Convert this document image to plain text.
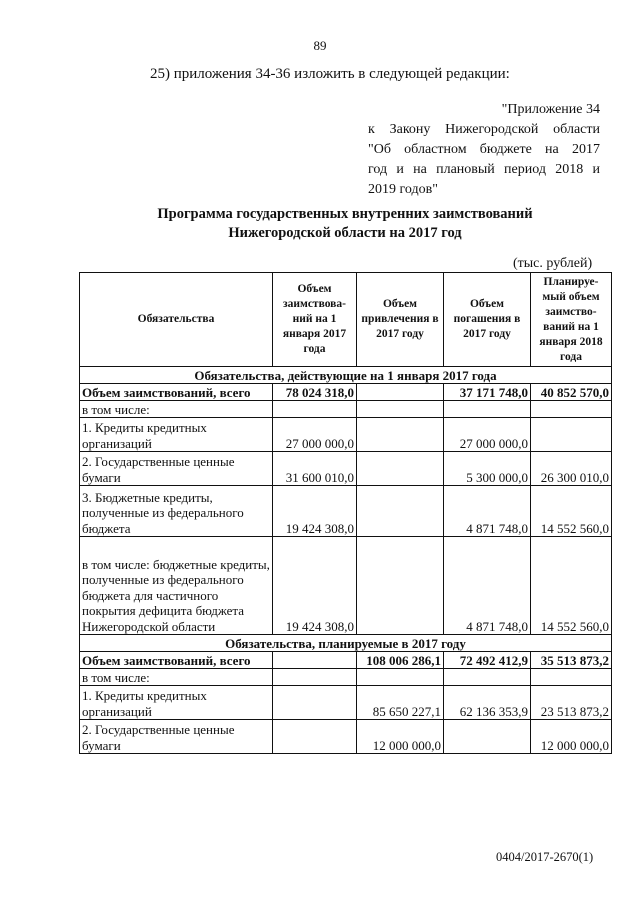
89
25) приложения 34-36 изложить в следующей редакции:
"Приложение 34
к Закону Нижегородской области
"Об областном бюджете на 2017
год и на плановый период 2018 и
2019 годов"
Программа государственных внутренних заимствований
Нижегородской области на 2017 год
(тыс. рублей)
Обязательства	Объем заимствова-ний на 1 января 2017 года	Объем привлечения в 2017 году	Объем погашения в 2017 году	Планируе-мый объем заимство-ваний на 1 января 2018 года
Обязательства, действующие на 1 января 2017 года				
Объем заимствований, всего	78 024 318,0		37 171 748,0	40 852 570,0
в том числе:				
1. Кредиты кредитных организаций	27 000 000,0		27 000 000,0	
2. Государственные ценные бумаги	31 600 010,0		5 300 000,0	26 300 010,0
3. Бюджетные кредиты, полученные из федерального бюджета	19 424 308,0		4 871 748,0	14 552 560,0
в том числе: бюджетные кредиты, полученные из федерального бюджета для частичного покрытия дефицита бюджета Нижегородской области	19 424 308,0		4 871 748,0	14 552 560,0
Обязательства, планируемые в 2017 году				
Объем заимствований, всего		108 006 286,1	72 492 412,9	35 513 873,2
в том числе:				
1. Кредиты кредитных организаций		85 650 227,1	62 136 353,9	23 513 873,2
2. Государственные ценные бумаги		12 000 000,0		12 000 000,0
0404/2017-2670(1)
